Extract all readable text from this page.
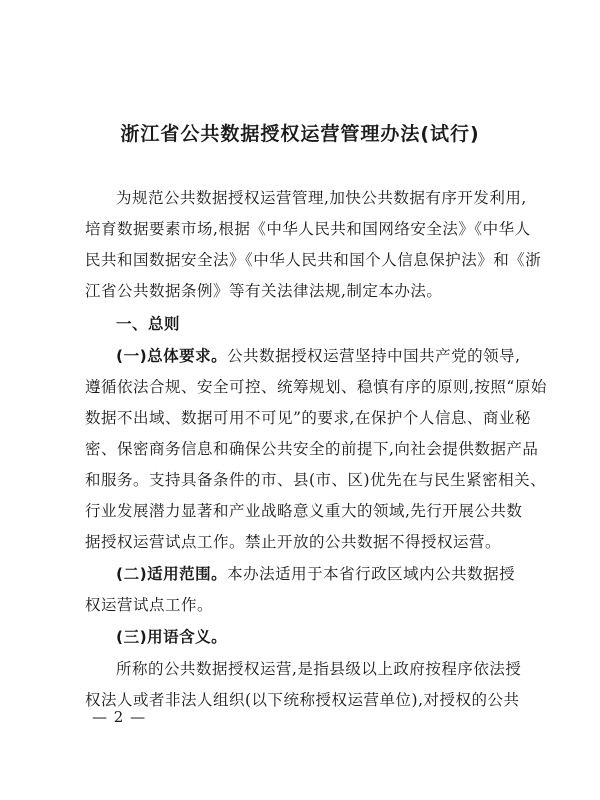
浙江省公共数据授权运营管理办法(试行)
为规范公共数据授权运营管理,加快公共数据有序开发利用,
培育数据要素市场,根据《中华人民共和国网络安全法》《中华人
民共和国数据安全法》《中华人民共和国个人信息保护法》和《浙
江省公共数据条例》等有关法律法规,制定本办法。
一、总则
(一)总体要求。公共数据授权运营坚持中国共产党的领导,
遵循依法合规、安全可控、统筹规划、稳慎有序的原则,按照“原始
数据不出域、数据可用不可见”的要求,在保护个人信息、商业秘
密、保密商务信息和确保公共安全的前提下,向社会提供数据产品
和服务。支持具备条件的市、县(市、区)优先在与民生紧密相关、
行业发展潜力显著和产业战略意义重大的领域,先行开展公共数
据授权运营试点工作。禁止开放的公共数据不得授权运营。
(二)适用范围。本办法适用于本省行政区域内公共数据授
权运营试点工作。
(三)用语含义。
所称的公共数据授权运营,是指县级以上政府按程序依法授
权法人或者非法人组织(以下统称授权运营单位),对授权的公共
— 2 —
